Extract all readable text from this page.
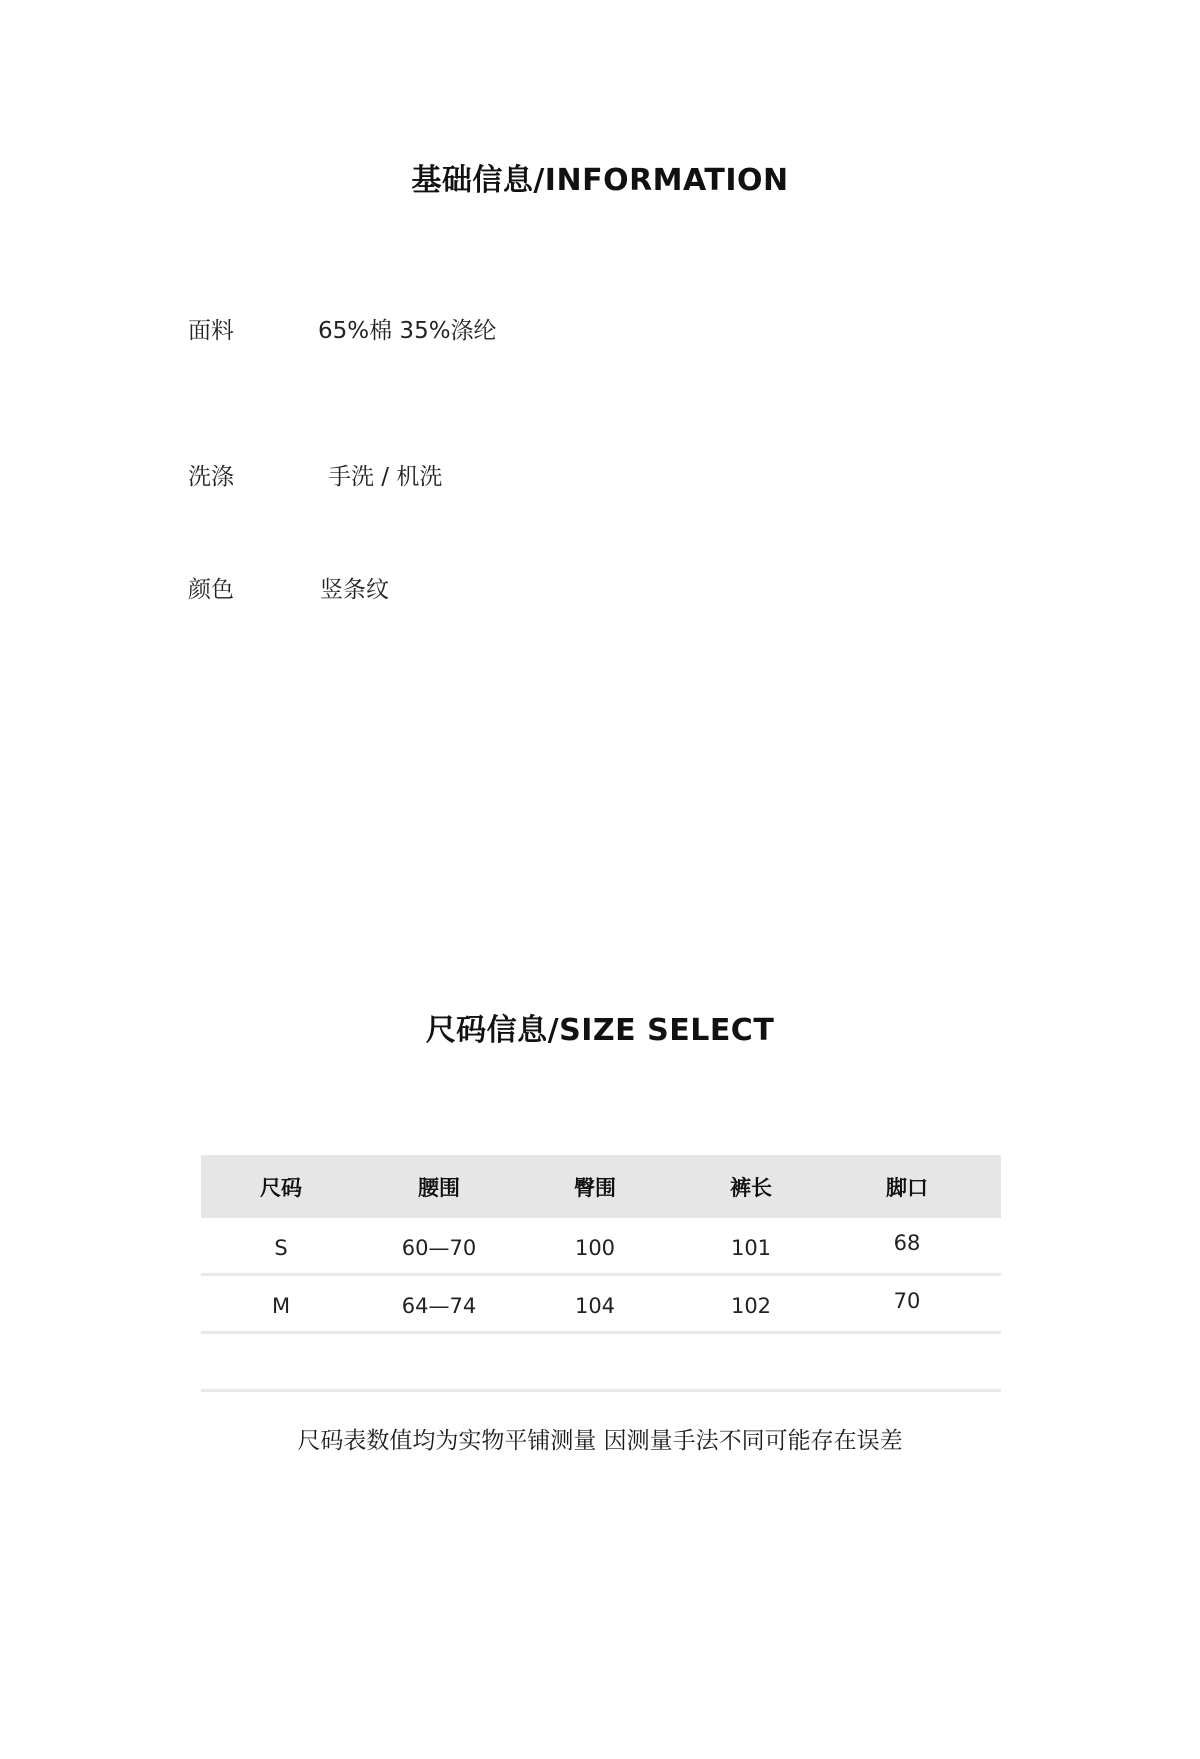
基础信息/INFORMATION
面料	65%棉 35%涤纶
洗涤	手洗 / 机洗
颜色	竖条纹
尺码信息/SIZE SELECT
尺码	腰围	臀围	裤长	脚口
S	60—70	100	101	68
M	64—74	104	102	70

尺码表数值均为实物平铺测量 因测量手法不同可能存在误差
